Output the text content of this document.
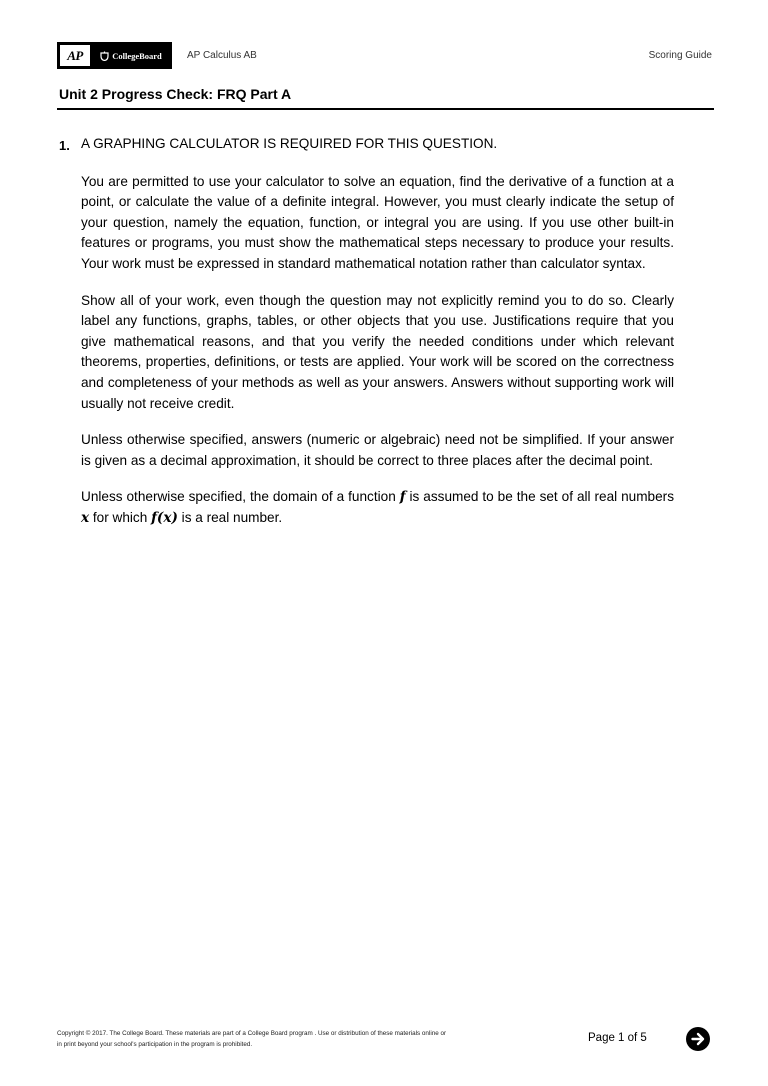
AP	CollegeBoard	AP Calculus AB	Scoring Guide
Unit 2 Progress Check: FRQ Part A
1. A GRAPHING CALCULATOR IS REQUIRED FOR THIS QUESTION.

You are permitted to use your calculator to solve an equation, find the derivative of a function at a point, or calculate the value of a definite integral. However, you must clearly indicate the setup of your question, namely the equation, function, or integral you are using. If you use other built-in features or programs, you must show the mathematical steps necessary to produce your results. Your work must be expressed in standard mathematical notation rather than calculator syntax.

Show all of your work, even though the question may not explicitly remind you to do so. Clearly label any functions, graphs, tables, or other objects that you use. Justifications require that you give mathematical reasons, and that you verify the needed conditions under which relevant theorems, properties, definitions, or tests are applied. Your work will be scored on the correctness and completeness of your methods as well as your answers. Answers without supporting work will usually not receive credit.

Unless otherwise specified, answers (numeric or algebraic) need not be simplified. If your answer is given as a decimal approximation, it should be correct to three places after the decimal point.

Unless otherwise specified, the domain of a function f is assumed to be the set of all real numbers x for which f(x) is a real number.

Copyright © 2017. The College Board. These materials are part of a College Board program . Use or distribution of these materials online or
in print beyond your school's participation in the program is prohibited.	Page 1 of 5
